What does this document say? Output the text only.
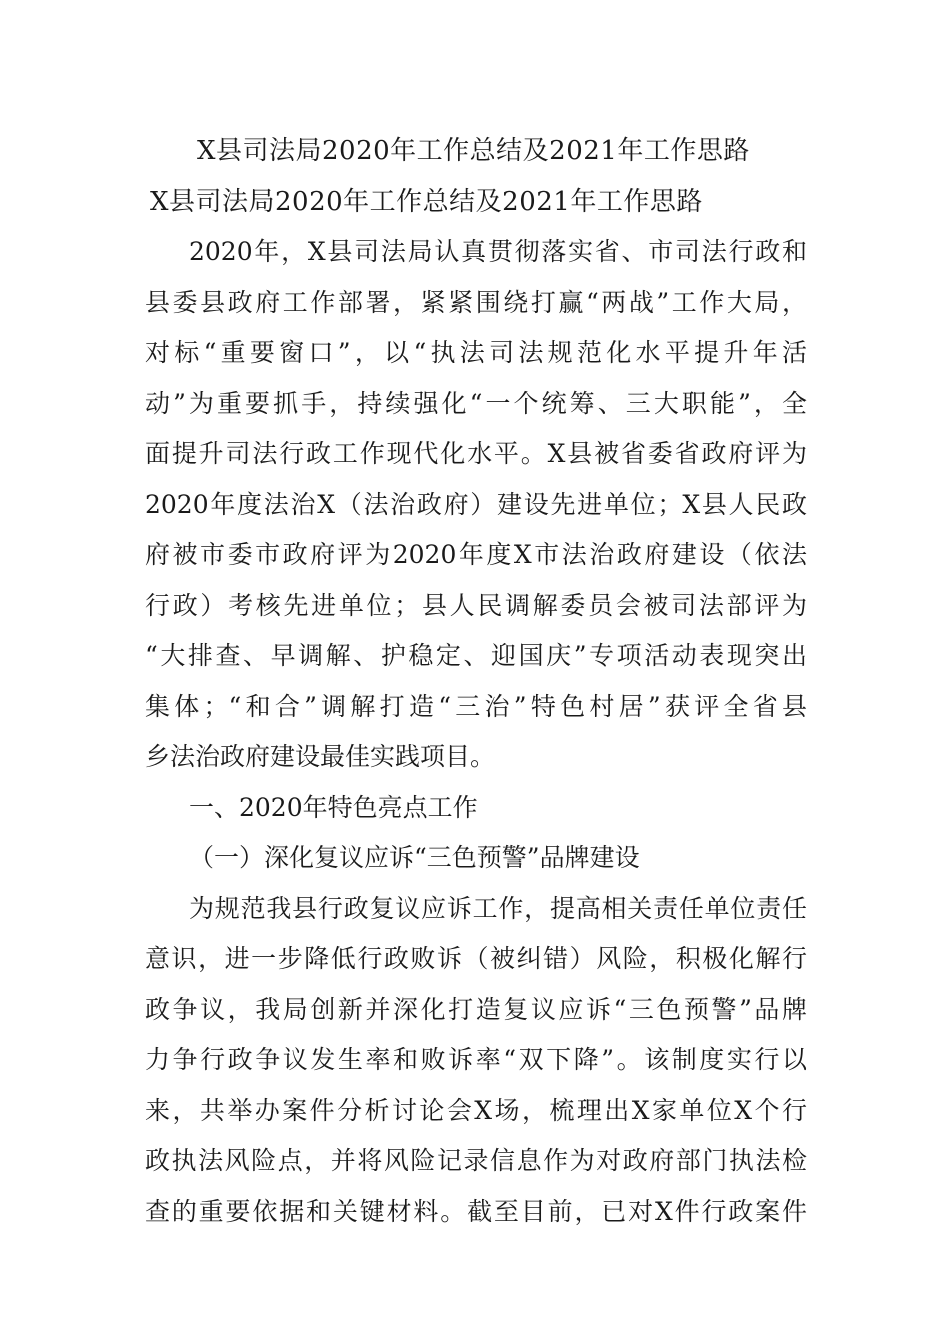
X县司法局2020年工作总结及2021年工作思路
X县司法局2020年工作总结及2021年工作思路
2020年，X县司法局认真贯彻落实省、市司法行政和
县委县政府工作部署，紧紧围绕打赢“两战”工作大局，
对标“重要窗口”，以“执法司法规范化水平提升年活
动”为重要抓手，持续强化“一个统筹、三大职能”，全
面提升司法行政工作现代化水平。X县被省委省政府评为
2020年度法治X（法治政府）建设先进单位；X县人民政
府被市委市政府评为2020年度X市法治政府建设（依法
行政）考核先进单位；县人民调解委员会被司法部评为
“大排查、早调解、护稳定、迎国庆”专项活动表现突出
集体；“和合”调解打造“三治”特色村居”获评全省县
乡法治政府建设最佳实践项目。
一、2020年特色亮点工作
（一）深化复议应诉“三色预警”品牌建设
为规范我县行政复议应诉工作，提高相关责任单位责任
意识，进一步降低行政败诉（被纠错）风险，积极化解行
政争议，我局创新并深化打造复议应诉“三色预警”品牌
力争行政争议发生率和败诉率“双下降”。该制度实行以
来，共举办案件分析讨论会X场，梳理出X家单位X个行
政执法风险点，并将风险记录信息作为对政府部门执法检
查的重要依据和关键材料。截至目前，已对X件行政案件
